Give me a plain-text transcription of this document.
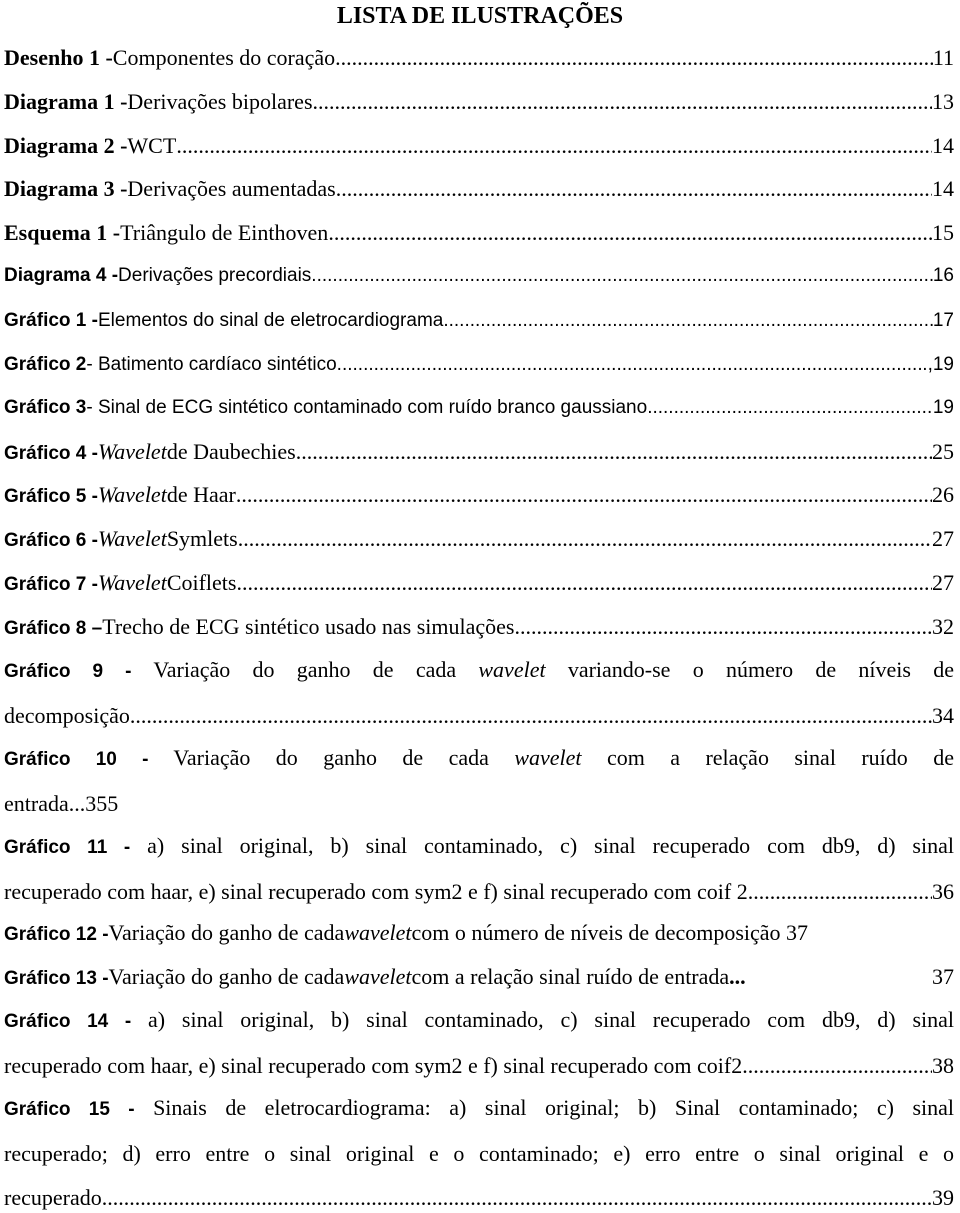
LISTA DE ILUSTRAÇÕES
Desenho 1 - Componentes do coração .....	11
Diagrama 1 - Derivações bipolares .....	13
Diagrama 2 - WCT .....	14
Diagrama 3 - Derivações aumentadas .....	14
Esquema 1 - Triângulo de Einthoven .....	15
Diagrama 4 - Derivações precordiais .....	16
Gráfico 1 - Elementos do sinal de eletrocardiograma .....	17
Gráfico 2 - Batimento cardíaco sintético .....	.,19
Gráfico 3 - Sinal de ECG sintético contaminado com ruído branco gaussiano .....	19
Gráfico 4 - Wavelet de Daubechies .....	25
Gráfico 5 - Wavelet de Haar .....	26
Gráfico 6 - Wavelet Symlets .....	27
Gráfico 7 - Wavelet Coiflets .....	27
Gráfico 8 – Trecho de ECG sintético usado nas simulações .....	32
Gráfico 9 - Variação do ganho de cada wavelet variando-se o número de níveis de
decomposição .....	34
Gráfico 10 - Variação do ganho de cada wavelet com a relação sinal ruído de
entrada ...355
Gráfico 11 - a) sinal original, b) sinal contaminado, c) sinal recuperado com db9, d) sinal
recuperado com haar, e) sinal recuperado com sym2 e f) sinal recuperado com coif 2 .....	36
Gráfico 12 - Variação do ganho de cada wavelet com o número de níveis de decomposição 37
Gráfico 13 - Variação do ganho de cada wavelet com a relação sinal ruído de entrada ...	37
Gráfico 14 - a) sinal original, b) sinal contaminado, c) sinal recuperado com db9, d) sinal
recuperado com haar, e) sinal recuperado com sym2 e f) sinal recuperado com coif2 .....	38
Gráfico 15 - Sinais de eletrocardiograma: a) sinal original; b) Sinal contaminado; c) sinal
recuperado; d) erro entre o sinal original e o contaminado; e) erro entre o sinal original e o
recuperado .....	39
